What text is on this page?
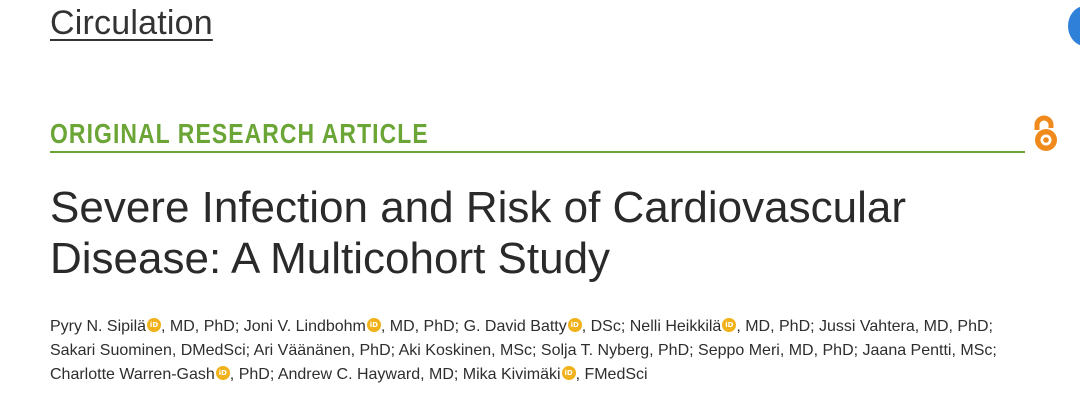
Circulation
ORIGINAL RESEARCH ARTICLE
Severe Infection and Risk of Cardiovascular
Disease: A Multicohort Study
Pyry N. Sipilä iD , MD, PhD; Joni V. Lindbohm iD , MD, PhD; G. David Batty iD , DSc; Nelli Heikkilä iD , MD, PhD; Jussi Vahtera, MD, PhD;
Sakari Suominen, DMedSci; Ari Väänänen, PhD; Aki Koskinen, MSc; Solja T. Nyberg, PhD; Seppo Meri, MD, PhD; Jaana Pentti, MSc;
Charlotte Warren-Gash iD , PhD; Andrew C. Hayward, MD; Mika Kivimäki iD , FMedSci
